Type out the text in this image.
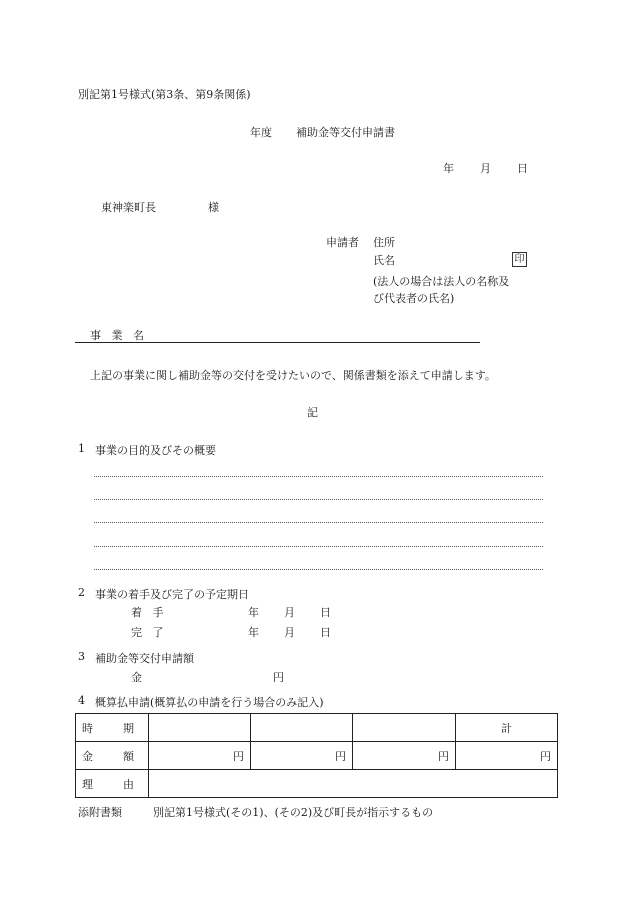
別記第1号様式(第3条、第9条関係)
年度 補助金等交付申請書
年 月 日
東神楽町長	様
申請者 住所
氏名	印
(法人の場合は法人の名称及
び代表者の氏名)
事 業 名
上記の事業に関し補助金等の交付を受けたいので、関係書類を添えて申請します。
記
1 事業の目的及びその概要
2 事業の着手及び完了の予定期日
着 手	年 月 日
完 了	年 月 日
3 補助金等交付申請額
金	円
4 概算払申請(概算払の申請を行う場合のみ記入)
時 期				計

金 額	円	円	円	円

理 由				

添附書類	別記第1号様式(その1)、(その2)及び町長が指示するもの
